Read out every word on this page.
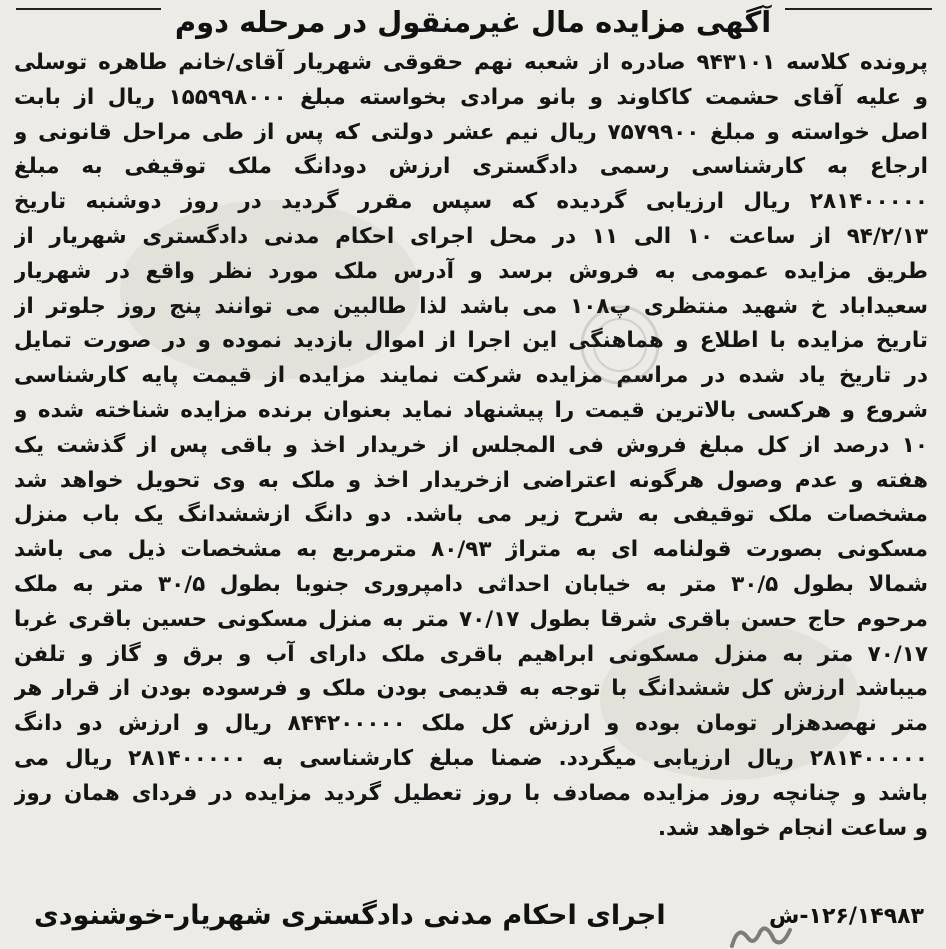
آگهی مزایده مال غیرمنقول در مرحله دوم
پرونده کلاسه ۹۴۳۱۰۱ صادره از شعبه نهم حقوقی شهریار آقای/خانم طاهره توسلی
و علیه آقای حشمت کاکاوند و بانو مرادی بخواسته مبلغ ۱۵۵۹۹۸۰۰۰ ریال از بابت
اصل خواسته و مبلغ ۷۵۷۹۹۰۰ ریال نیم عشر دولتی که پس از طی مراحل قانونی و
ارجاع به کارشناسی رسمی دادگستری ارزش دودانگ ملک توقیفی به مبلغ
۲۸۱۴۰۰۰۰۰ ریال ارزیابی گردیده که سپس مقرر گردید در روز دوشنبه تاریخ
۹۴/۲/۱۳ از ساعت ۱۰ الی ۱۱ در محل اجرای احکام مدنی دادگستری شهریار از
طریق مزایده عمومی به فروش برسد و آدرس ملک مورد نظر واقع در شهریار
سعیداباد خ شهید منتظری پ۱۰۸ می باشد لذا طالبین می توانند پنج روز جلوتر از
تاریخ مزایده با اطلاع و هماهنگی این اجرا از اموال بازدید نموده و در صورت تمایل
در تاریخ یاد شده در مراسم مزایده شرکت نمایند مزایده از قیمت پایه کارشناسی
شروع و هرکسی بالاترین قیمت را پیشنهاد نماید بعنوان برنده مزایده شناخته شده و
۱۰ درصد از کل مبلغ فروش فی المجلس از خریدار اخذ و باقی پس از گذشت یک
هفته و عدم وصول هرگونه اعتراضی ازخریدار اخذ و ملک به وی تحویل خواهد شد
مشخصات ملک توقیفی به شرح زیر می باشد. دو دانگ ازششدانگ یک باب منزل
مسکونی بصورت قولنامه ای به متراژ ۸۰/۹۳ مترمربع به مشخصات ذیل می باشد
شمالا بطول ۳۰/۵ متر به خیابان احداثی دامپروری جنوبا بطول ۳۰/۵ متر به ملک
مرحوم حاج حسن باقری شرقا بطول ۷۰/۱۷ متر به منزل مسکونی حسین باقری غربا
۷۰/۱۷ متر به منزل مسکونی ابراهیم باقری ملک دارای آب و برق و گاز و تلفن
میباشد ارزش کل ششدانگ با توجه به قدیمی بودن ملک و فرسوده بودن از قرار هر
متر نهصدهزار تومان بوده و ارزش کل ملک ۸۴۴۲۰۰۰۰۰ ریال و ارزش دو دانگ
۲۸۱۴۰۰۰۰۰ ریال ارزیابی میگردد. ضمنا مبلغ کارشناسی به ۲۸۱۴۰۰۰۰۰ ریال می
باشد و چنانچه روز مزایده مصادف با روز تعطیل گردید مزایده در فردای همان روز
و ساعت انجام خواهد شد.
۱۲۶/۱۴۹۸۳-ش
اجرای احکام مدنی دادگستری شهریار-خوشنودی
